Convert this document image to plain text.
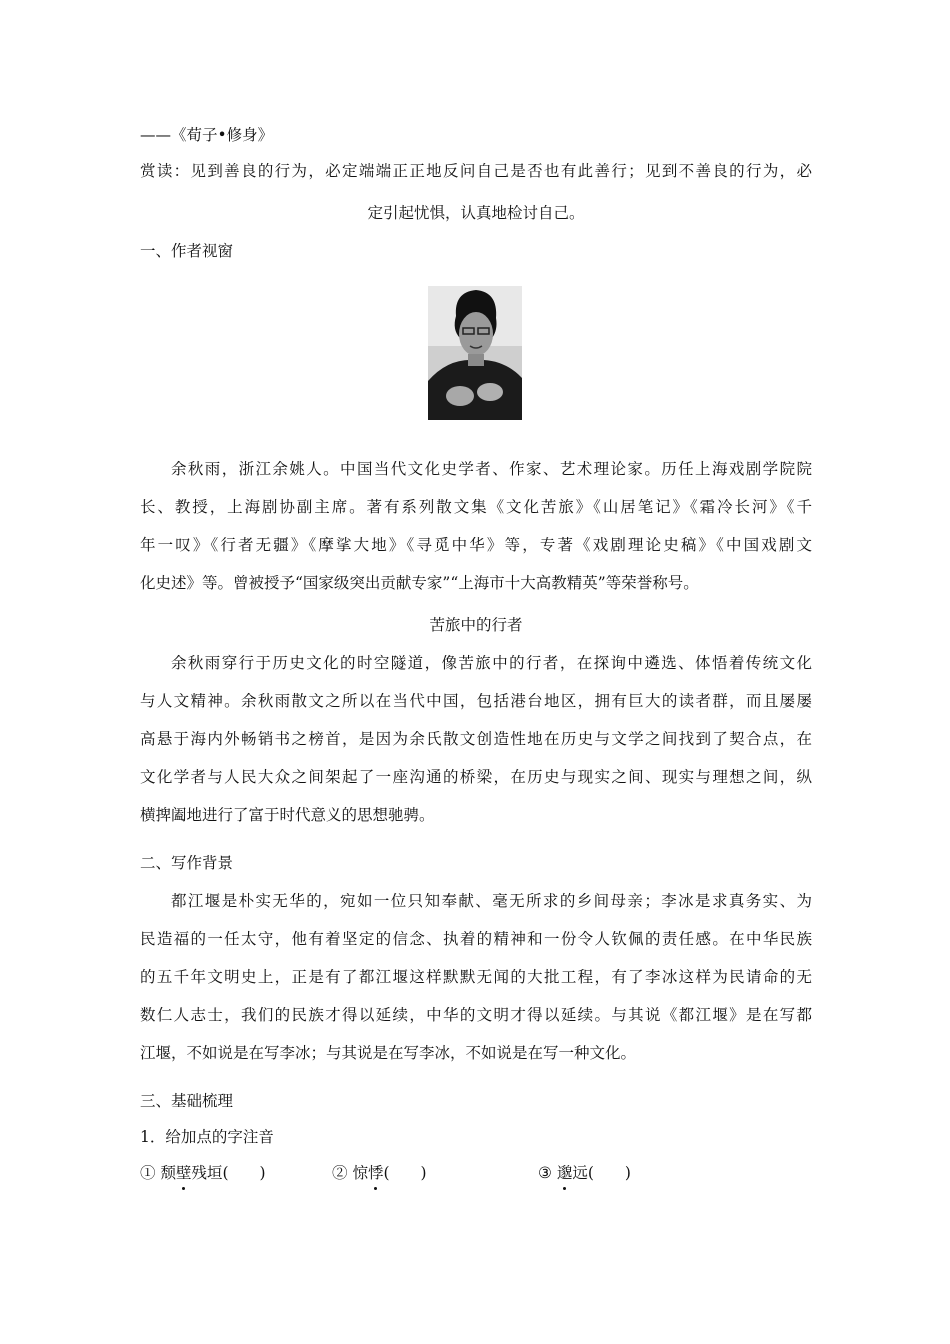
——《荀子•修身》
赏读：见到善良的行为，必定端端正正地反问自己是否也有此善行；见到不善良的行为，必
定引起忧惧，认真地检讨自己。
一、作者视窗
余秋雨，浙江余姚人。中国当代文化史学者、作家、艺术理论家。历任上海戏剧学院院
长、教授，上海剧协副主席。著有系列散文集《文化苦旅》《山居笔记》《霜冷长河》《千
年一叹》《行者无疆》《摩挲大地》《寻觅中华》等，专著《戏剧理论史稿》《中国戏剧文
化史述》等。曾被授予“国家级突出贡献专家”“上海市十大高教精英”等荣誉称号。
苦旅中的行者
余秋雨穿行于历史文化的时空隧道，像苦旅中的行者，在探询中遴选、体悟着传统文化
与人文精神。余秋雨散文之所以在当代中国，包括港台地区，拥有巨大的读者群，而且屡屡
高悬于海内外畅销书之榜首，是因为余氏散文创造性地在历史与文学之间找到了契合点，在
文化学者与人民大众之间架起了一座沟通的桥梁，在历史与现实之间、现实与理想之间，纵
横捭阖地进行了富于时代意义的思想驰骋。
二、写作背景
都江堰是朴实无华的，宛如一位只知奉献、毫无所求的乡间母亲；李冰是求真务实、为
民造福的一任太守，他有着坚定的信念、执着的精神和一份令人钦佩的责任感。在中华民族
的五千年文明史上，正是有了都江堰这样默默无闻的大批工程，有了李冰这样为民请命的无
数仁人志士，我们的民族才得以延续，中华的文明才得以延续。与其说《都江堰》是在写都
江堰，不如说是在写李冰；与其说是在写李冰，不如说是在写一种文化。
三、基础梳理
1．给加点的字注音
① 颓壁残垣(　　)	② 惊悸(　　)	③ 邈远(　　)
